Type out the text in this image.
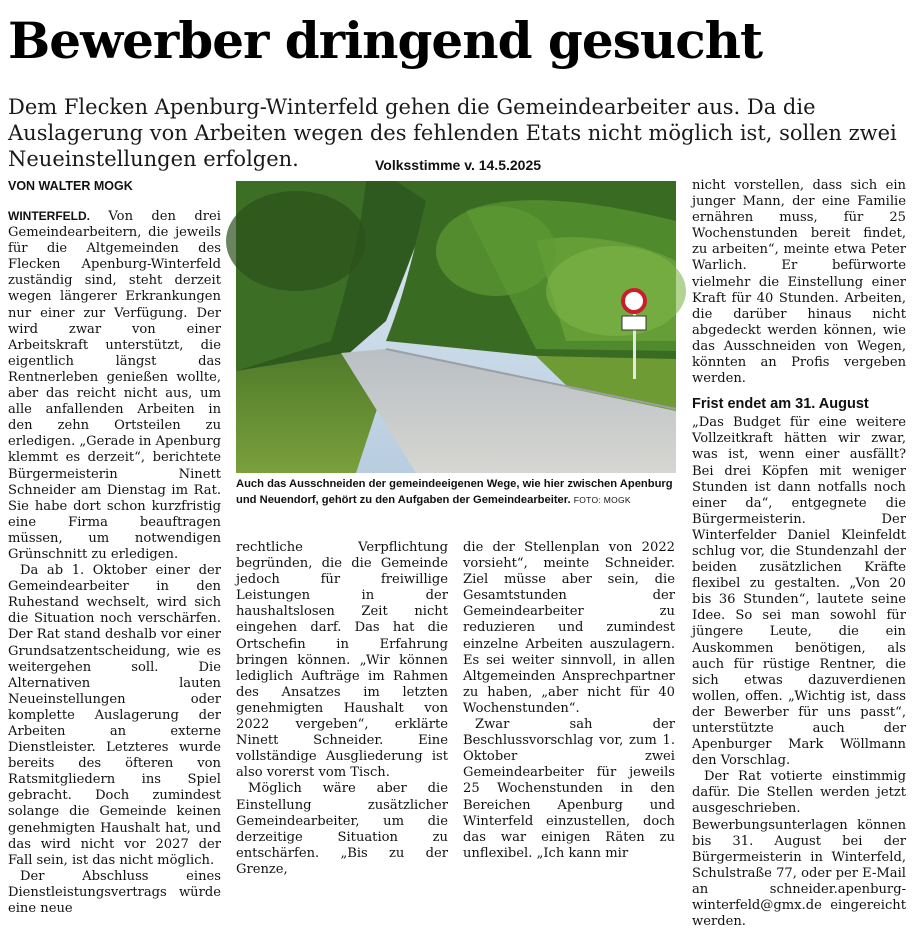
Bewerber dringend gesucht

Dem Flecken Apenburg-Winterfeld gehen die Gemeindearbeiter aus. Da die Auslagerung von Arbeiten wegen des fehlenden Etats nicht möglich ist, sollen zwei Neueinstellungen erfolgen.	Volksstimme v. 14.5.2025
VON WALTER MOGK

WINTERFELD. Von den drei Gemeindearbeitern, die jeweils für die Altgemeinden des Flecken Apenburg-Winterfeld zuständig sind, steht derzeit wegen längerer Erkrankungen nur einer zur Verfügung. Der wird zwar von einer Arbeitskraft unterstützt, die eigentlich längst das Rentnerleben genießen wollte, aber das reicht nicht aus, um alle anfallenden Arbeiten in den zehn Ortsteilen zu erledigen. „Gerade in Apenburg klemmt es derzeit“, berichtete Bürgermeisterin Ninett Schneider am Dienstag im Rat. Sie habe dort schon kurzfristig eine Firma beauftragen müssen, um notwendigen Grünschnitt zu erledigen.

Da ab 1. Oktober einer der Gemeindearbeiter in den Ruhestand wechselt, wird sich die Situation noch verschärfen. Der Rat stand deshalb vor einer Grundsatzentscheidung, wie es weitergehen soll. Die Alternativen lauten Neueinstellungen oder komplette Auslagerung der Arbeiten an externe Dienstleister. Letzteres wurde bereits des öfteren von Ratsmitgliedern ins Spiel gebracht. Doch zumindest solange die Gemeinde keinen genehmigten Haushalt hat, und das wird nicht vor 2027 der Fall sein, ist das nicht möglich.

Der Abschluss eines Dienstleistungsvertrags würde eine neue

Auch das Ausschneiden der gemeindeeigenen Wege, wie hier zwischen Apenburg und Neuendorf, gehört zu den Aufgaben der Gemeindearbeiter. FOTO: MOGK

rechtliche Verpflichtung begründen, die die Gemeinde jedoch für freiwillige Leistungen in der haushaltslosen Zeit nicht eingehen darf. Das hat die Ortschefin in Erfahrung bringen können. „Wir können lediglich Aufträge im Rahmen des Ansatzes im letzten genehmigten Haushalt von 2022 vergeben“, erklärte Ninett Schneider. Eine vollständige Ausgliederung ist also vorerst vom Tisch.

Möglich wäre aber die Einstellung zusätzlicher Gemeindearbeiter, um die derzeitige Situation zu entschärfen. „Bis zu der Grenze,

die der Stellenplan von 2022 vorsieht“, meinte Schneider. Ziel müsse aber sein, die Gesamtstunden der Gemeindearbeiter zu reduzieren und zumindest einzelne Arbeiten auszulagern. Es sei weiter sinnvoll, in allen Altgemeinden Ansprechpartner zu haben, „aber nicht für 40 Wochenstunden“.

Zwar sah der Beschlussvorschlag vor, zum 1. Oktober zwei Gemeindearbeiter für jeweils 25 Wochenstunden in den Bereichen Apenburg und Winterfeld einzustellen, doch das war einigen Räten zu unflexibel. „Ich kann mir

nicht vorstellen, dass sich ein junger Mann, der eine Familie ernähren muss, für 25 Wochenstunden bereit findet, zu arbeiten“, meinte etwa Peter Warlich. Er befürworte vielmehr die Einstellung einer Kraft für 40 Stunden. Arbeiten, die darüber hinaus nicht abgedeckt werden können, wie das Ausschneiden von Wegen, könnten an Profis vergeben werden.

Frist endet am 31. August

„Das Budget für eine weitere Vollzeitkraft hätten wir zwar, was ist, wenn einer ausfällt? Bei drei Köpfen mit weniger Stunden ist dann notfalls noch einer da“, entgegnete die Bürgermeisterin. Der Winterfelder Daniel Kleinfeldt schlug vor, die Stundenzahl der beiden zusätzlichen Kräfte flexibel zu gestalten. „Von 20 bis 36 Stunden“, lautete seine Idee. So sei man sowohl für jüngere Leute, die ein Auskommen benötigen, als auch für rüstige Rentner, die sich etwas dazuverdienen wollen, offen. „Wichtig ist, dass der Bewerber für uns passt“, unterstützte auch der Apenburger Mark Wöllmann den Vorschlag.

Der Rat votierte einstimmig dafür. Die Stellen werden jetzt ausgeschrieben. Bewerbungsunterlagen können bis 31. August bei der Bürgermeisterin in Winterfeld, Schulstraße 77, oder per E-Mail an schneider.apenburg-winterfeld@gmx.de eingereicht werden.
